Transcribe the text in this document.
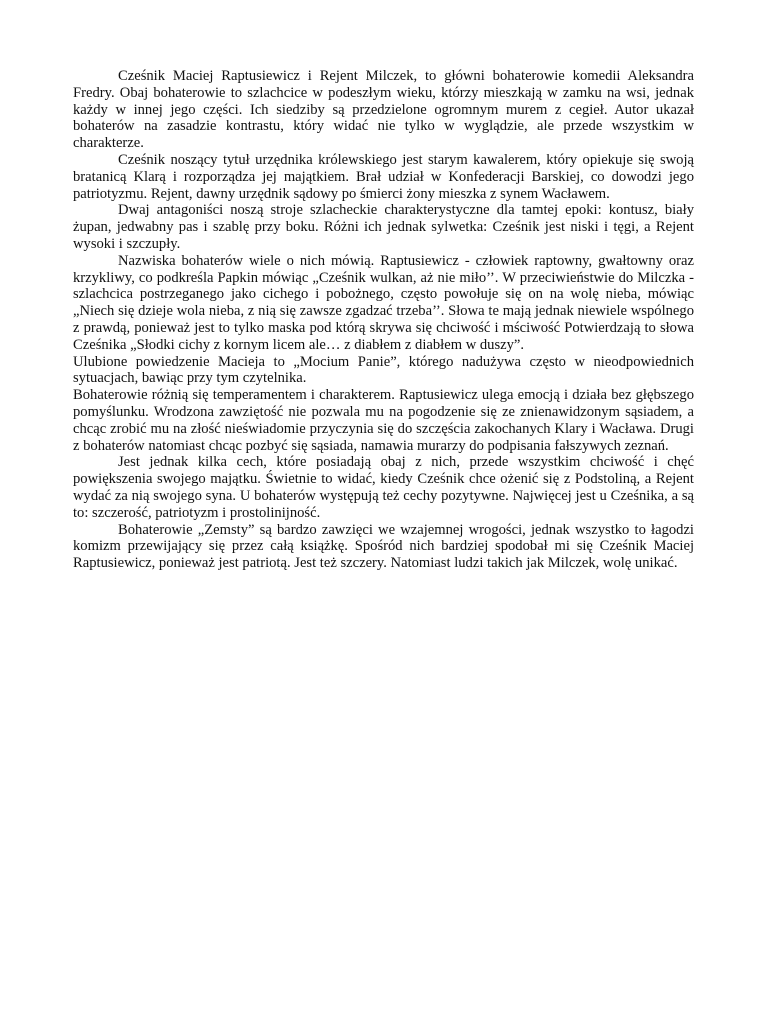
Cześnik Maciej Raptusiewicz i Rejent Milczek, to główni bohaterowie komedii Aleksandra Fredry. Obaj bohaterowie to szlachcice w podeszłym wieku, którzy mieszkają w zamku na wsi, jednak każdy w innej jego części. Ich siedziby są przedzielone ogromnym murem z cegieł. Autor ukazał bohaterów na zasadzie kontrastu, który widać nie tylko w wyglądzie, ale przede wszystkim w charakterze.

Cześnik noszący tytuł urzędnika królewskiego jest starym kawalerem, który opiekuje się swoją bratanicą Klarą i rozporządza jej majątkiem. Brał udział w Konfederacji Barskiej, co dowodzi jego patriotyzmu. Rejent, dawny urzędnik sądowy po śmierci żony mieszka z synem Wacławem.

Dwaj antagoniści noszą stroje szlacheckie charakterystyczne dla tamtej epoki: kontusz, biały żupan, jedwabny pas i szablę przy boku. Różni ich jednak sylwetka: Cześnik jest niski i tęgi, a Rejent wysoki i szczupły.

Nazwiska bohaterów wiele o nich mówią. Raptusiewicz - człowiek raptowny, gwałtowny oraz krzykliwy, co podkreśla Papkin mówiąc „Cześnik wulkan, aż nie miło’’. W przeciwieństwie do Milczka - szlachcica postrzeganego jako cichego i pobożnego, często powołuje się on na wolę nieba, mówiąc „Niech się dzieje wola nieba, z nią się zawsze zgadzać trzeba’’. Słowa te mają jednak niewiele wspólnego z prawdą, ponieważ jest to tylko maska pod którą skrywa się chciwość i mściwość Potwierdzają to słowa Cześnika „Słodki cichy z kornym licem ale… z diabłem z diabłem w duszy”.

Ulubione powiedzenie Macieja to „Mocium Panie”, którego nadużywa często w nieodpowiednich sytuacjach, bawiąc przy tym czytelnika.

Bohaterowie różnią się temperamentem i charakterem. Raptusiewicz ulega emocją i działa bez głębszego pomyślunku. Wrodzona zawziętość nie pozwala mu na pogodzenie się ze znienawidzonym sąsiadem, a chcąc zrobić mu na złość nieświadomie przyczynia się do szczęścia zakochanych Klary i Wacława. Drugi z bohaterów natomiast chcąc pozbyć się sąsiada, namawia murarzy do podpisania fałszywych zeznań.

Jest jednak kilka cech, które posiadają obaj z nich, przede wszystkim chciwość i chęć powiększenia swojego majątku. Świetnie to widać, kiedy Cześnik chce ożenić się z Podstoliną, a Rejent wydać za nią swojego syna. U bohaterów występują też cechy pozytywne. Najwięcej jest u Cześnika, a są to: szczerość, patriotyzm i prostolinijność.

Bohaterowie „Zemsty” są bardzo zawzięci we wzajemnej wrogości, jednak wszystko to łagodzi komizm przewijający się przez całą książkę. Spośród nich bardziej spodobał mi się Cześnik Maciej Raptusiewicz, ponieważ jest patriotą. Jest też szczery. Natomiast ludzi takich jak Milczek, wolę unikać.
